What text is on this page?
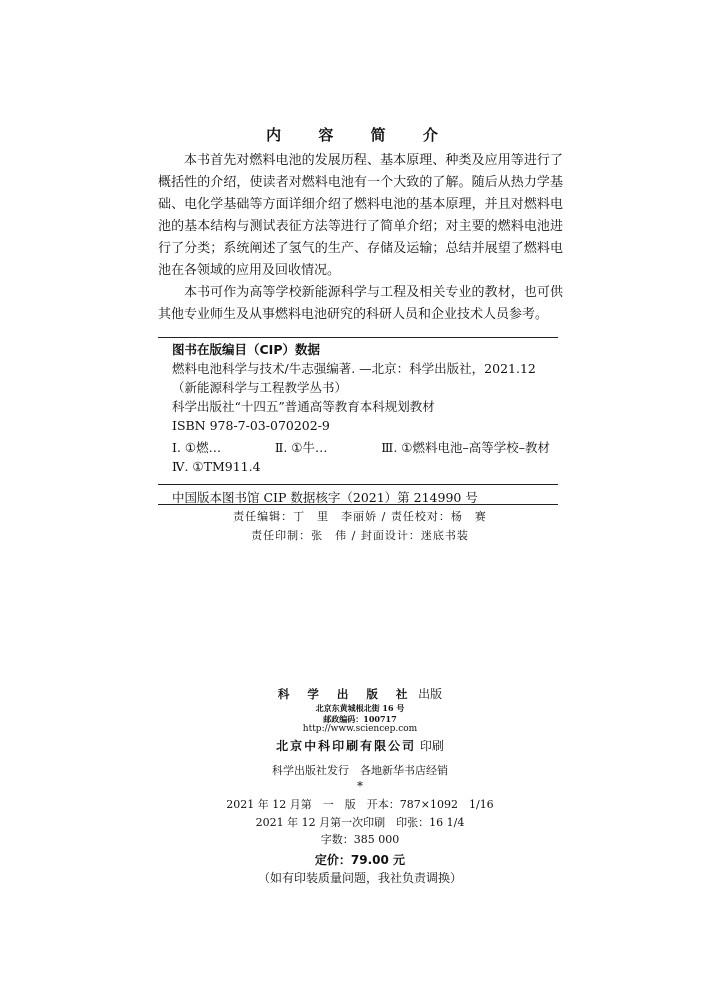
内 容 简 介

本书首先对燃料电池的发展历程、基本原理、种类及应用等进行了概括性的介绍，使读者对燃料电池有一个大致的了解。随后从热力学基础、电化学基础等方面详细介绍了燃料电池的基本原理，并且对燃料电池的基本结构与测试表征方法等进行了简单介绍；对主要的燃料电池进行了分类；系统阐述了氢气的生产、存储及运输；总结并展望了燃料电池在各领域的应用及回收情况。

本书可作为高等学校新能源科学与工程及相关专业的教材，也可供其他专业师生及从事燃料电池研究的科研人员和企业技术人员参考。

图书在版编目（CIP）数据
燃料电池科学与技术/牛志强编著. —北京：科学出版社，2021.12
（新能源科学与工程教学丛书）
科学出版社“十四五”普通高等教育本科规划教材
ISBN 978-7-03-070202-9
Ⅰ. ①燃…	Ⅱ. ①牛…	Ⅲ. ①燃料电池–高等学校–教材
Ⅳ. ①TM911.4
中国版本图书馆 CIP 数据核字（2021）第 214990 号
责任编辑：丁　里　李丽娇 / 责任校对：杨　赛
责任印制：张　伟 / 封面设计：迷底书装
科 学 出 版 社 出版
北京东黄城根北街 16 号
邮政编码：100717
http://www.sciencep.com
北京中科印刷有限公司 印刷
科学出版社发行　各地新华书店经销
*
2021 年 12 月第　一　版　开本：787×1092　1/16
2021 年 12 月第一次印刷　印张：16 1/4
字数：385 000
定价：79.00 元
（如有印装质量问题，我社负责调换）
